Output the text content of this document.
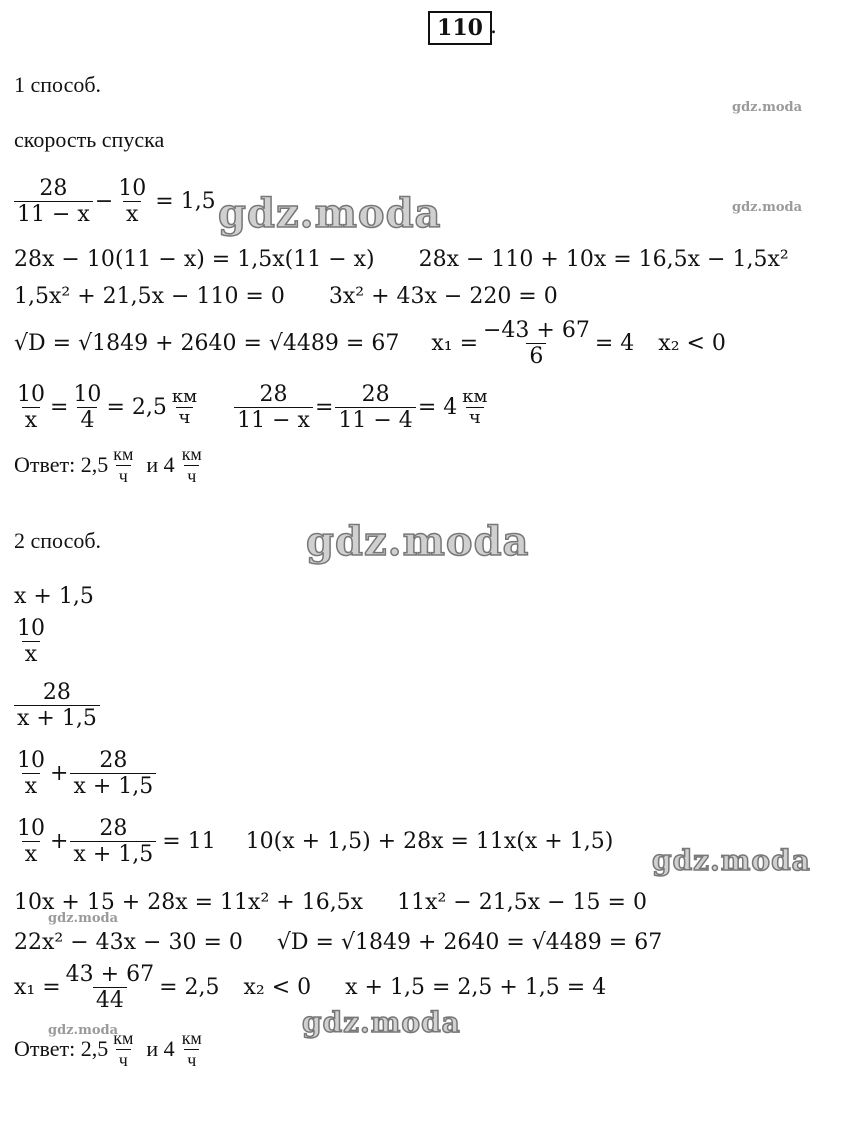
110 .
1 способ.
скорость спуска
$\frac{28}{11 - x} - \frac{10}{x} = 1,5$
28x − 10(11 − x) = 1,5x(11 − x) 28x − 110 + 10x = 16,5x − 1,5x²
1,5x² + 21,5x − 110 = 0 3x² + 43x − 220 = 0
√D = √1849 + 2640 = √4489 = 67 $x_1 = \frac{-43 + 67}{6} = 4$ x₂ < 0
$\frac{10}{x} = \frac{10}{4} = 2,5 \frac{км}{ч} \frac{28}{11 - x} = \frac{28}{11 - 4} = 4 \frac{км}{ч}$
Ответ: $2,5 \frac{км}{ч}$ и $4 \frac{км}{ч}$
2 способ.
x + 1,5
$\frac{10}{x}$
$\frac{28}{x + 1,5}$
$\frac{10}{x} + \frac{28}{x + 1,5}$
$\frac{10}{x} + \frac{28}{x + 1,5} = 11$ 10(x + 1,5) + 28x = 11x(x + 1,5)
10x + 15 + 28x = 11x² + 16,5x 11x² − 21,5x − 15 = 0
22x² − 43x − 30 = 0 √D = √1849 + 2640 = √4489 = 67
$x_1 = \frac{43 + 67}{44} = 2,5$ x₂ < 0 x + 1,5 = 2,5 + 1,5 = 4
Ответ: $2,5 \frac{км}{ч}$ и $4 \frac{км}{ч}$
gdz.moda
gdz.moda
gdz.moda
gdz.moda
gdz.moda
gdz.moda
gdz.moda
gdz.moda
